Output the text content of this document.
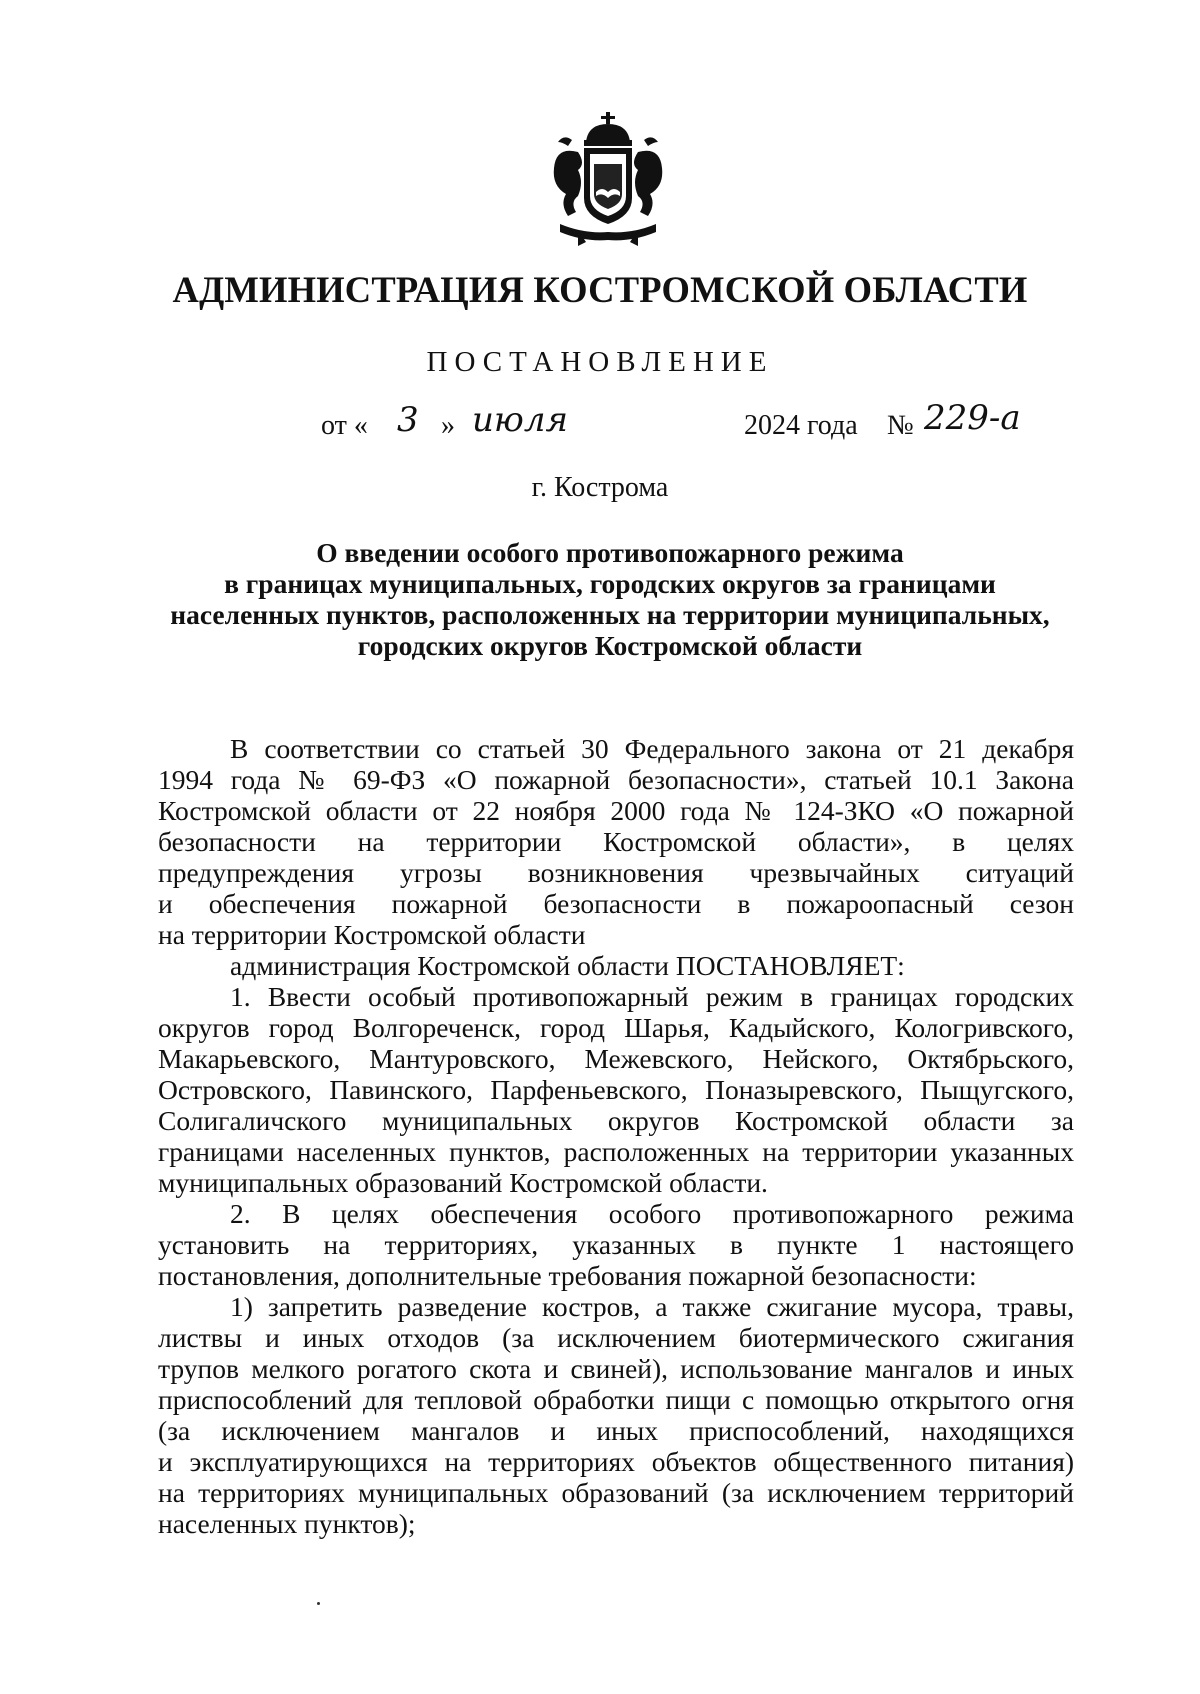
АДМИНИСТРАЦИЯ КОСТРОМСКОЙ ОБЛАСТИ
ПОСТАНОВЛЕНИЕ
от « 3 » июля	2024 года № 229-а
г. Кострома
О введении особого противопожарного режима
в границах муниципальных, городских округов за границами
населенных пунктов, расположенных на территории муниципальных,
городских округов Костромской области
В соответствии со статьей 30 Федерального закона от 21 декабря
1994 года № 69-ФЗ «О пожарной безопасности», статьей 10.1 Закона
Костромской области от 22 ноября 2000 года № 124-ЗКО «О пожарной
безопасности на территории Костромской области», в целях
предупреждения угрозы возникновения чрезвычайных ситуаций
и обеспечения пожарной безопасности в пожароопасный сезон
на территории Костромской области
администрация Костромской области ПОСТАНОВЛЯЕТ:
1. Ввести особый противопожарный режим в границах городских
округов город Волгореченск, город Шарья, Кадыйского, Кологривского,
Макарьевского, Мантуровского, Межевского, Нейского, Октябрьского,
Островского, Павинского, Парфеньевского, Поназыревского, Пыщугского,
Солигаличского муниципальных округов Костромской области за
границами населенных пунктов, расположенных на территории указанных
муниципальных образований Костромской области.
2. В целях обеспечения особого противопожарного режима
установить на территориях, указанных в пункте 1 настоящего
постановления, дополнительные требования пожарной безопасности:
1) запретить разведение костров, а также сжигание мусора, травы,
листвы и иных отходов (за исключением биотермического сжигания
трупов мелкого рогатого скота и свиней), использование мангалов и иных
приспособлений для тепловой обработки пищи с помощью открытого огня
(за исключением мангалов и иных приспособлений, находящихся
и эксплуатирующихся на территориях объектов общественного питания)
на территориях муниципальных образований (за исключением территорий
населенных пунктов);
